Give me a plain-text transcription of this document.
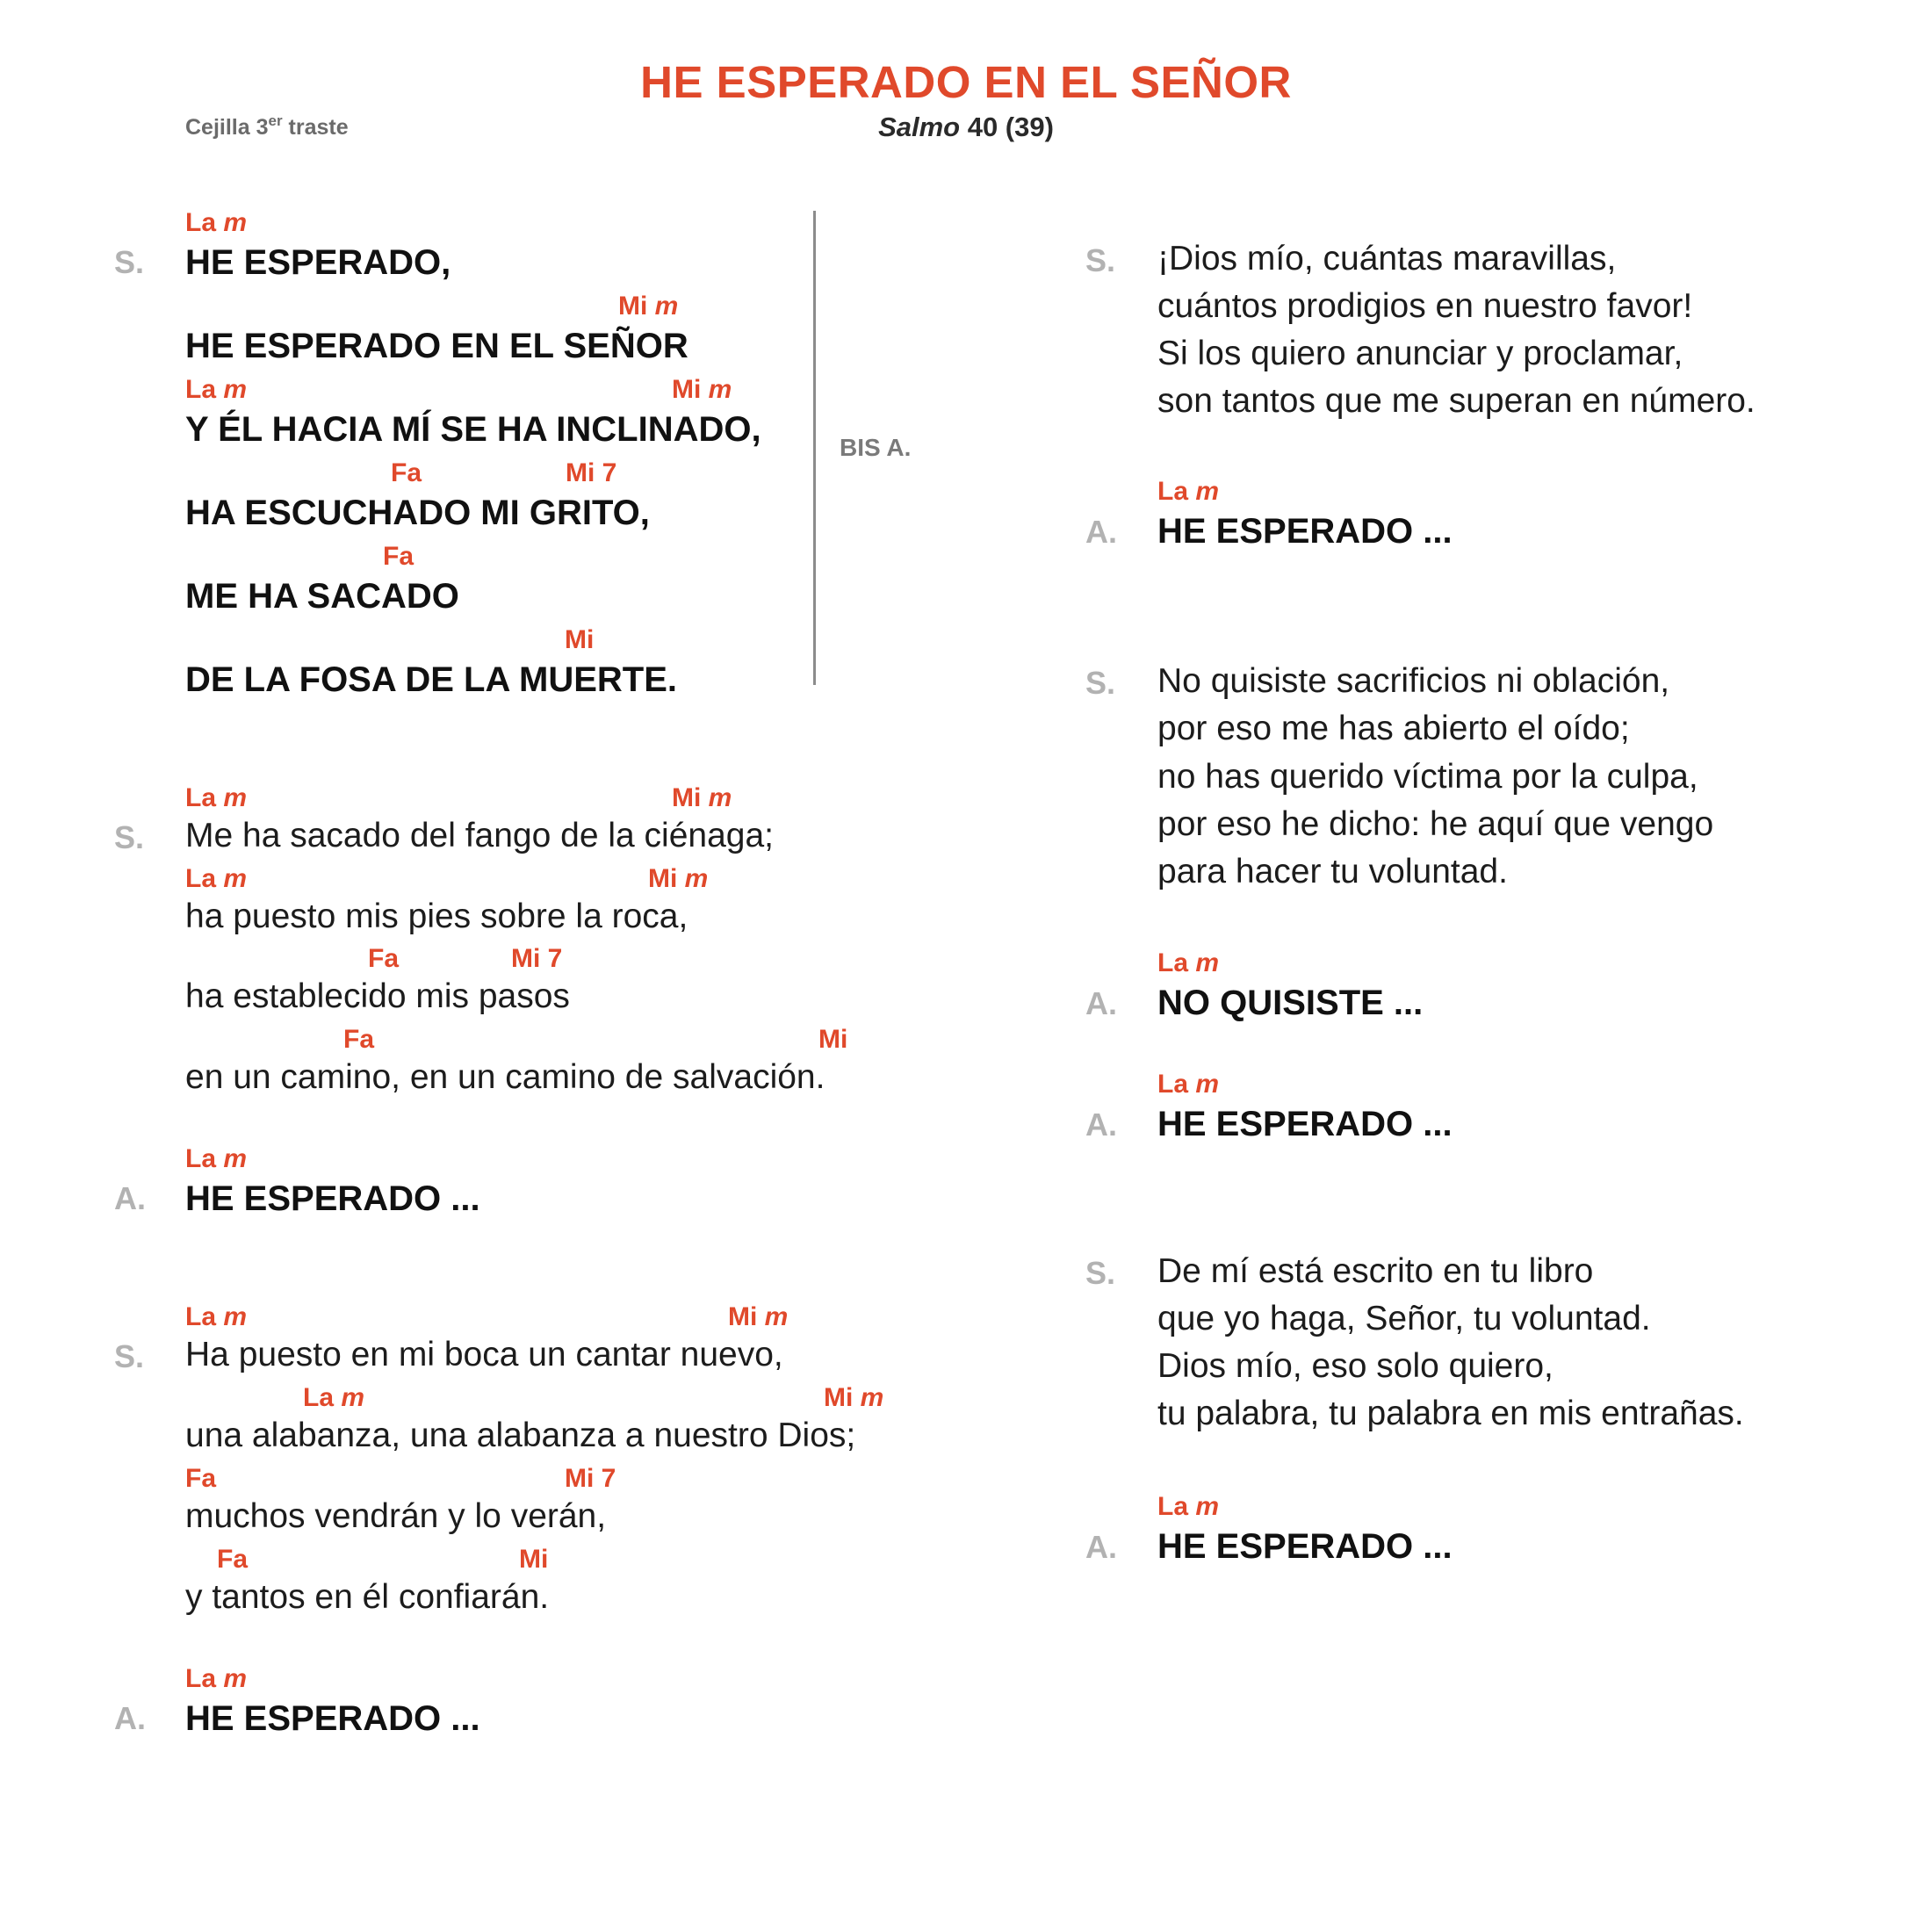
HE ESPERADO EN EL SEÑOR
Salmo 40 (39)
Cejilla 3er traste
BIS A.
S.
La m
HE ESPERADO,
Mi m
HE ESPERADO EN EL SEÑOR
La m	Mi m
Y ÉL HACIA MÍ SE HA INCLINADO,
Fa	Mi 7
HA ESCUCHADO MI GRITO,
Fa
ME HA SACADO
Mi
DE LA FOSA DE LA MUERTE.
S.
La m	Mi m
Me ha sacado del fango de la ciénaga;
La m	Mi m
ha puesto mis pies sobre la roca,
Fa	Mi 7
ha establecido mis pasos
Fa	Mi
en un camino, en un camino de salvación.
A.
La m
HE ESPERADO ...
S.
La m	Mi m
Ha puesto en mi boca un cantar nuevo,
La m	Mi m
una alabanza, una alabanza a nuestro Dios;
Fa	Mi 7
muchos vendrán y lo verán,
Fa	Mi
y tantos en él confiarán.
A.
La m
HE ESPERADO ...
S. ¡Dios mío, cuántas maravillas,
cuántos prodigios en nuestro favor!
Si los quiero anunciar y proclamar,
son tantos que me superan en número.
A.
La m
HE ESPERADO ...
S. No quisiste sacrificios ni oblación,
por eso me has abierto el oído;
no has querido víctima por la culpa,
por eso he dicho: he aquí que vengo
para hacer tu voluntad.
A.
La m
NO QUISISTE ...
A.
La m
HE ESPERADO ...
S. De mí está escrito en tu libro
que yo haga, Señor, tu voluntad.
Dios mío, eso solo quiero,
tu palabra, tu palabra en mis entrañas.
A.
La m
HE ESPERADO ...
